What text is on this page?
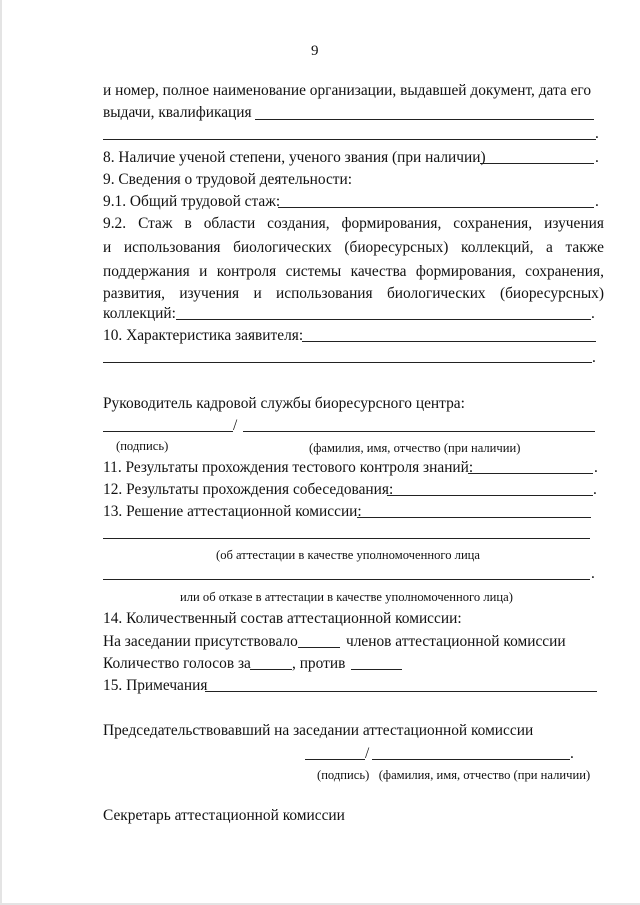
9
и номер, полное наименование организации, выдавшей документ, дата его
выдачи, квалификация
.
8. Наличие ученой степени, ученого звания (при наличии)	.
9. Сведения о трудовой деятельности:
9.1. Общий трудовой стаж:	.
9.2. Стаж в области создания, формирования, сохранения, изучения
и использования биологических (биоресурсных) коллекций, а также
поддержания и контроля системы качества формирования, сохранения,
развития, изучения и использования биологических (биоресурсных)
коллекций:	.
10. Характеристика заявителя:
.
Руководитель кадровой службы биоресурсного центра:
/
(подпись)	(фамилия, имя, отчество (при наличии)
11. Результаты прохождения тестового контроля знаний:	.
12. Результаты прохождения собеседования:	.
13. Решение аттестационной комиссии:
(об аттестации в качестве уполномоченного лица
.
или об отказе в аттестации в качестве уполномоченного лица)
14. Количественный состав аттестационной комиссии:
На заседании присутствовало	членов аттестационной комиссии
Количество голосов за	, против
15. Примечания
Председательствовавший на заседании аттестационной комиссии
/	.
(подпись)   (фамилия, имя, отчество (при наличии)
Секретарь аттестационной комиссии
